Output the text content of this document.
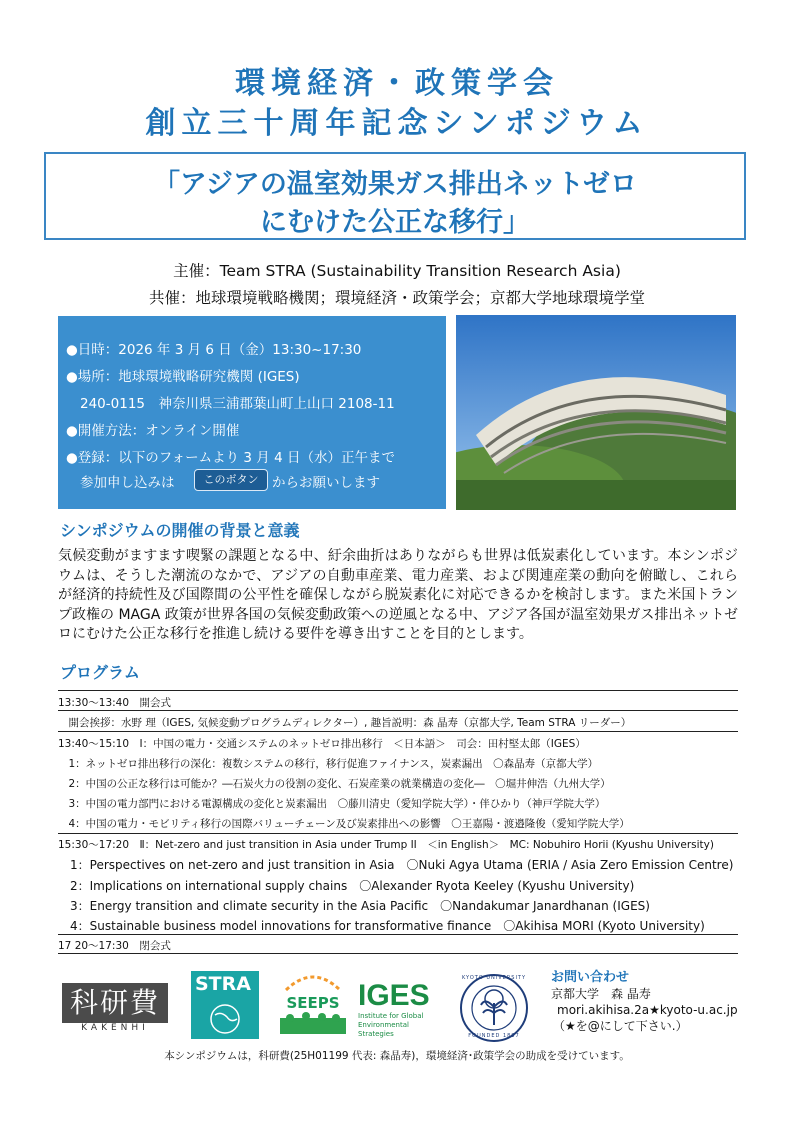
環境経済・政策学会
創立三十周年記念シンポジウム
「アジアの温室効果ガス排出ネットゼロ
にむけた公正な移行」
主催：Team STRA (Sustainability Transition Research Asia)
共催：地球環境戦略機関；環境経済・政策学会；京都大学地球環境学堂
●日時：2026 年 3 月 6 日（金）13:30~17:30
●場所：地球環境戦略研究機関 (IGES)
240-0115　神奈川県三浦郡葉山町上山口 2108-11
●開催方法：オンライン開催
●登録：以下のフォームより 3 月 4 日（水）正午まで
参加申し込みは	このボタン	からお願いします
シンポジウムの開催の背景と意義
気候変動がますます喫緊の課題となる中、紆余曲折はありながらも世界は低炭素化しています。本シンポジウムは、そうした潮流のなかで、アジアの自動車産業、電力産業、および関連産業の動向を俯瞰し、これらが経済的持続性及び国際間の公平性を確保しながら脱炭素化に対応できるかを検討します。また米国トランプ政権の MAGA 政策が世界各国の気候変動政策への逆風となる中、アジア各国が温室効果ガス排出ネットゼロにむけた公正な移行を推進し続ける要件を導き出すことを目的とします。
プログラム
13:30～13:40　開会式
　開会挨拶：水野 理（IGES, 気候変動プログラムディレクター）, 趣旨説明：森 晶寿（京都大学, Team STRA リーダー）
13:40～15:10　Ⅰ：中国の電力・交通システムのネットゼロ排出移行　＜日本語＞　司会：田村堅太郎（IGES）
　1：ネットゼロ排出移行の深化：複数システムの移行，移行促進ファイナンス，炭素漏出　〇森晶寿（京都大学）
　2：中国の公正な移行は可能か？―石炭火力の役割の変化、石炭産業の就業構造の変化―　〇堀井伸浩（九州大学）
　3：中国の電力部門における電源構成の変化と炭素漏出　〇藤川清史（愛知学院大学）・伴ひかり（神戸学院大学）
　4：中国の電力・モビリティ移行の国際バリューチェーン及び炭素排出への影響　〇王嘉陽・渡邉隆俊（愛知学院大学）
15:30～17:20　Ⅱ：Net-zero and just transition in Asia under Trump II　＜in English＞　MC: Nobuhiro Horii (Kyushu University)
　1：Perspectives on net-zero and just transition in Asia　〇Nuki Agya Utama (ERIA / Asia Zero Emission Centre)
　2：Implications on international supply chains　〇Alexander Ryota Keeley (Kyushu University)
　3：Energy transition and climate security in the Asia Pacific　〇Nandakumar Janardhanan (IGES)
　4：Sustainable business model innovations for transformative finance　〇Akihisa MORI (Kyoto University)
17 20～17:30　閉会式
科研費
KAKENHI
STRA
SEEPS IGES
Institute for Global
Environmental Strategies
KYOTO UNIVERSITY
FOUNDED 1897
お問い合わせ
京都大学　森 晶寿
mori.akihisa.2a★kyoto-u.ac.jp
（★を@にして下さい.）
本シンポジウムは，科研費(25H01199 代表: 森晶寿)，環境経済･政策学会の助成を受けています。
